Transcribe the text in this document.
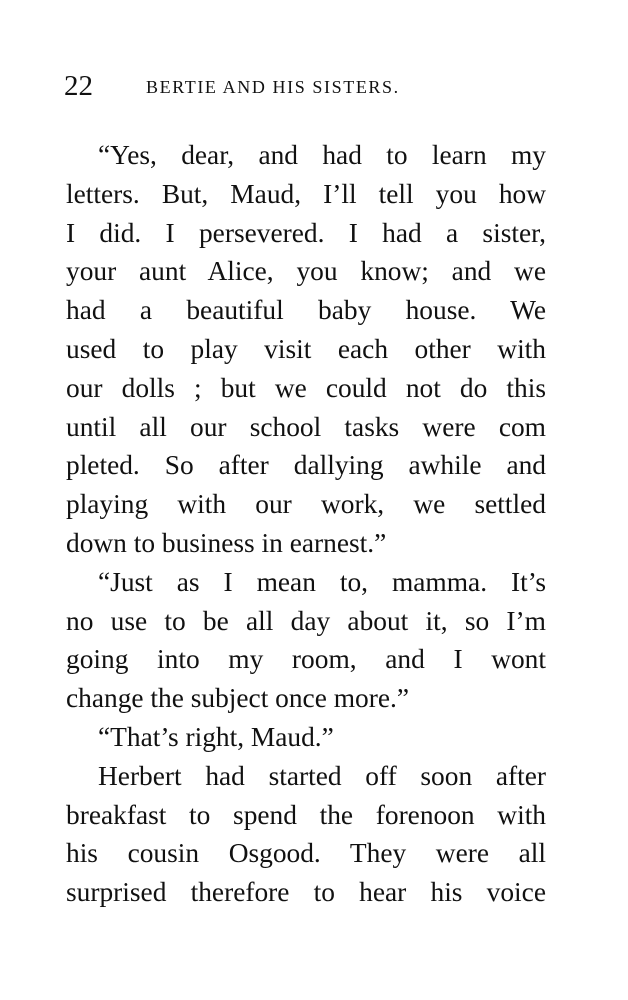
22	BERTIE AND HIS SISTERS.
“Yes, dear, and had to learn my
letters. But, Maud, I’ll tell you how
I did. I persevered. I had a sister,
your aunt Alice, you know; and we
had a beautiful baby house. We
used to play visit each other with
our dolls ; but we could not do this
until all our school tasks were com
pleted. So after dallying awhile and
playing with our work, we settled
down to business in earnest.”
“Just as I mean to, mamma. It’s
no use to be all day about it, so I’m
going into my room, and I wont
change the subject once more.”
“That’s right, Maud.”
Herbert had started off soon after
breakfast to spend the forenoon with
his cousin Osgood. They were all
surprised therefore to hear his voice
